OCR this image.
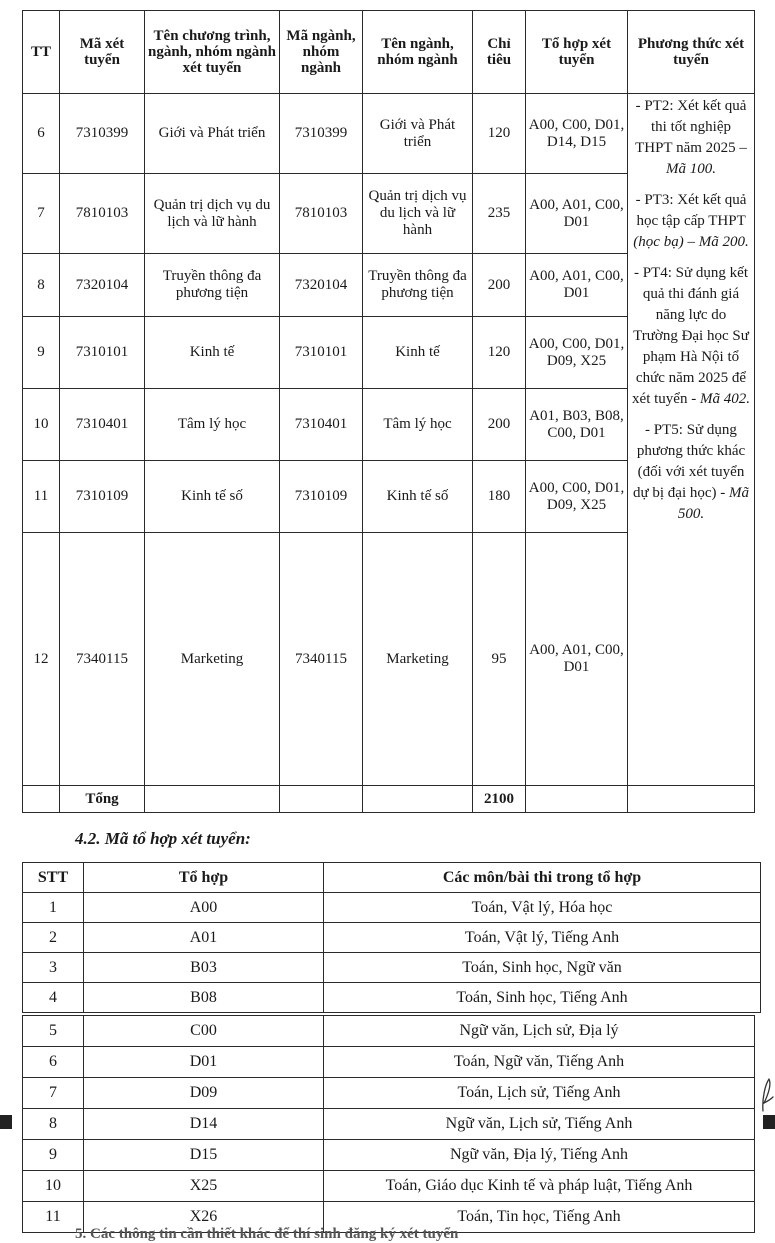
TT	Mã xét tuyển	Tên chương trình, ngành, nhóm ngành xét tuyển	Mã ngành, nhóm ngành	Tên ngành, nhóm ngành	Chỉ tiêu	Tổ hợp xét tuyển	Phương thức xét tuyển
6	7310399	Giới và Phát triển	7310399	Giới và Phát triển	120	A00, C00, D01, D14, D15	- PT2: Xét kết quả thi tốt nghiệp THPT năm 2025 – Mã 100.

- PT3: Xét kết quả học tập cấp THPT (học bạ) – Mã 200.

- PT4: Sử dụng kết quả thi đánh giá năng lực do Trường Đại học Sư phạm Hà Nội tổ chức năm 2025 để xét tuyển - Mã 402.

- PT5: Sử dụng phương thức khác (đối với xét tuyển dự bị đại học) - Mã 500.

7	7810103	Quản trị dịch vụ du lịch và lữ hành	7810103	Quản trị dịch vụ du lịch và lữ hành	235	A00, A01, C00, D01	
8	7320104	Truyền thông đa phương tiện	7320104	Truyền thông đa phương tiện	200	A00, A01, C00, D01	
9	7310101	Kinh tế	7310101	Kinh tế	120	A00, C00, D01, D09, X25	
10	7310401	Tâm lý học	7310401	Tâm lý học	200	A01, B03, B08, C00, D01	
11	7310109	Kinh tế số	7310109	Kinh tế số	180	A00, C00, D01, D09, X25	
12	7340115	Marketing	7340115	Marketing	95	A00, A01, C00, D01	
	Tổng				2100		
4.2. Mã tổ hợp xét tuyển:
STT	Tổ hợp	Các môn/bài thi trong tổ hợp
1	A00	Toán, Vật lý, Hóa học
2	A01	Toán, Vật lý, Tiếng Anh
3	B03	Toán, Sinh học, Ngữ văn
4	B08	Toán, Sinh học, Tiếng Anh
5	C00	Ngữ văn, Lịch sử, Địa lý
6	D01	Toán, Ngữ văn, Tiếng Anh
7	D09	Toán, Lịch sử, Tiếng Anh
8	D14	Ngữ văn, Lịch sử, Tiếng Anh
9	D15	Ngữ văn, Địa lý, Tiếng Anh
10	X25	Toán, Giáo dục Kinh tế và pháp luật, Tiếng Anh
11	X26	Toán, Tin học, Tiếng Anh
5. Các thông tin cần thiết khác để thí sinh đăng ký xét tuyển
